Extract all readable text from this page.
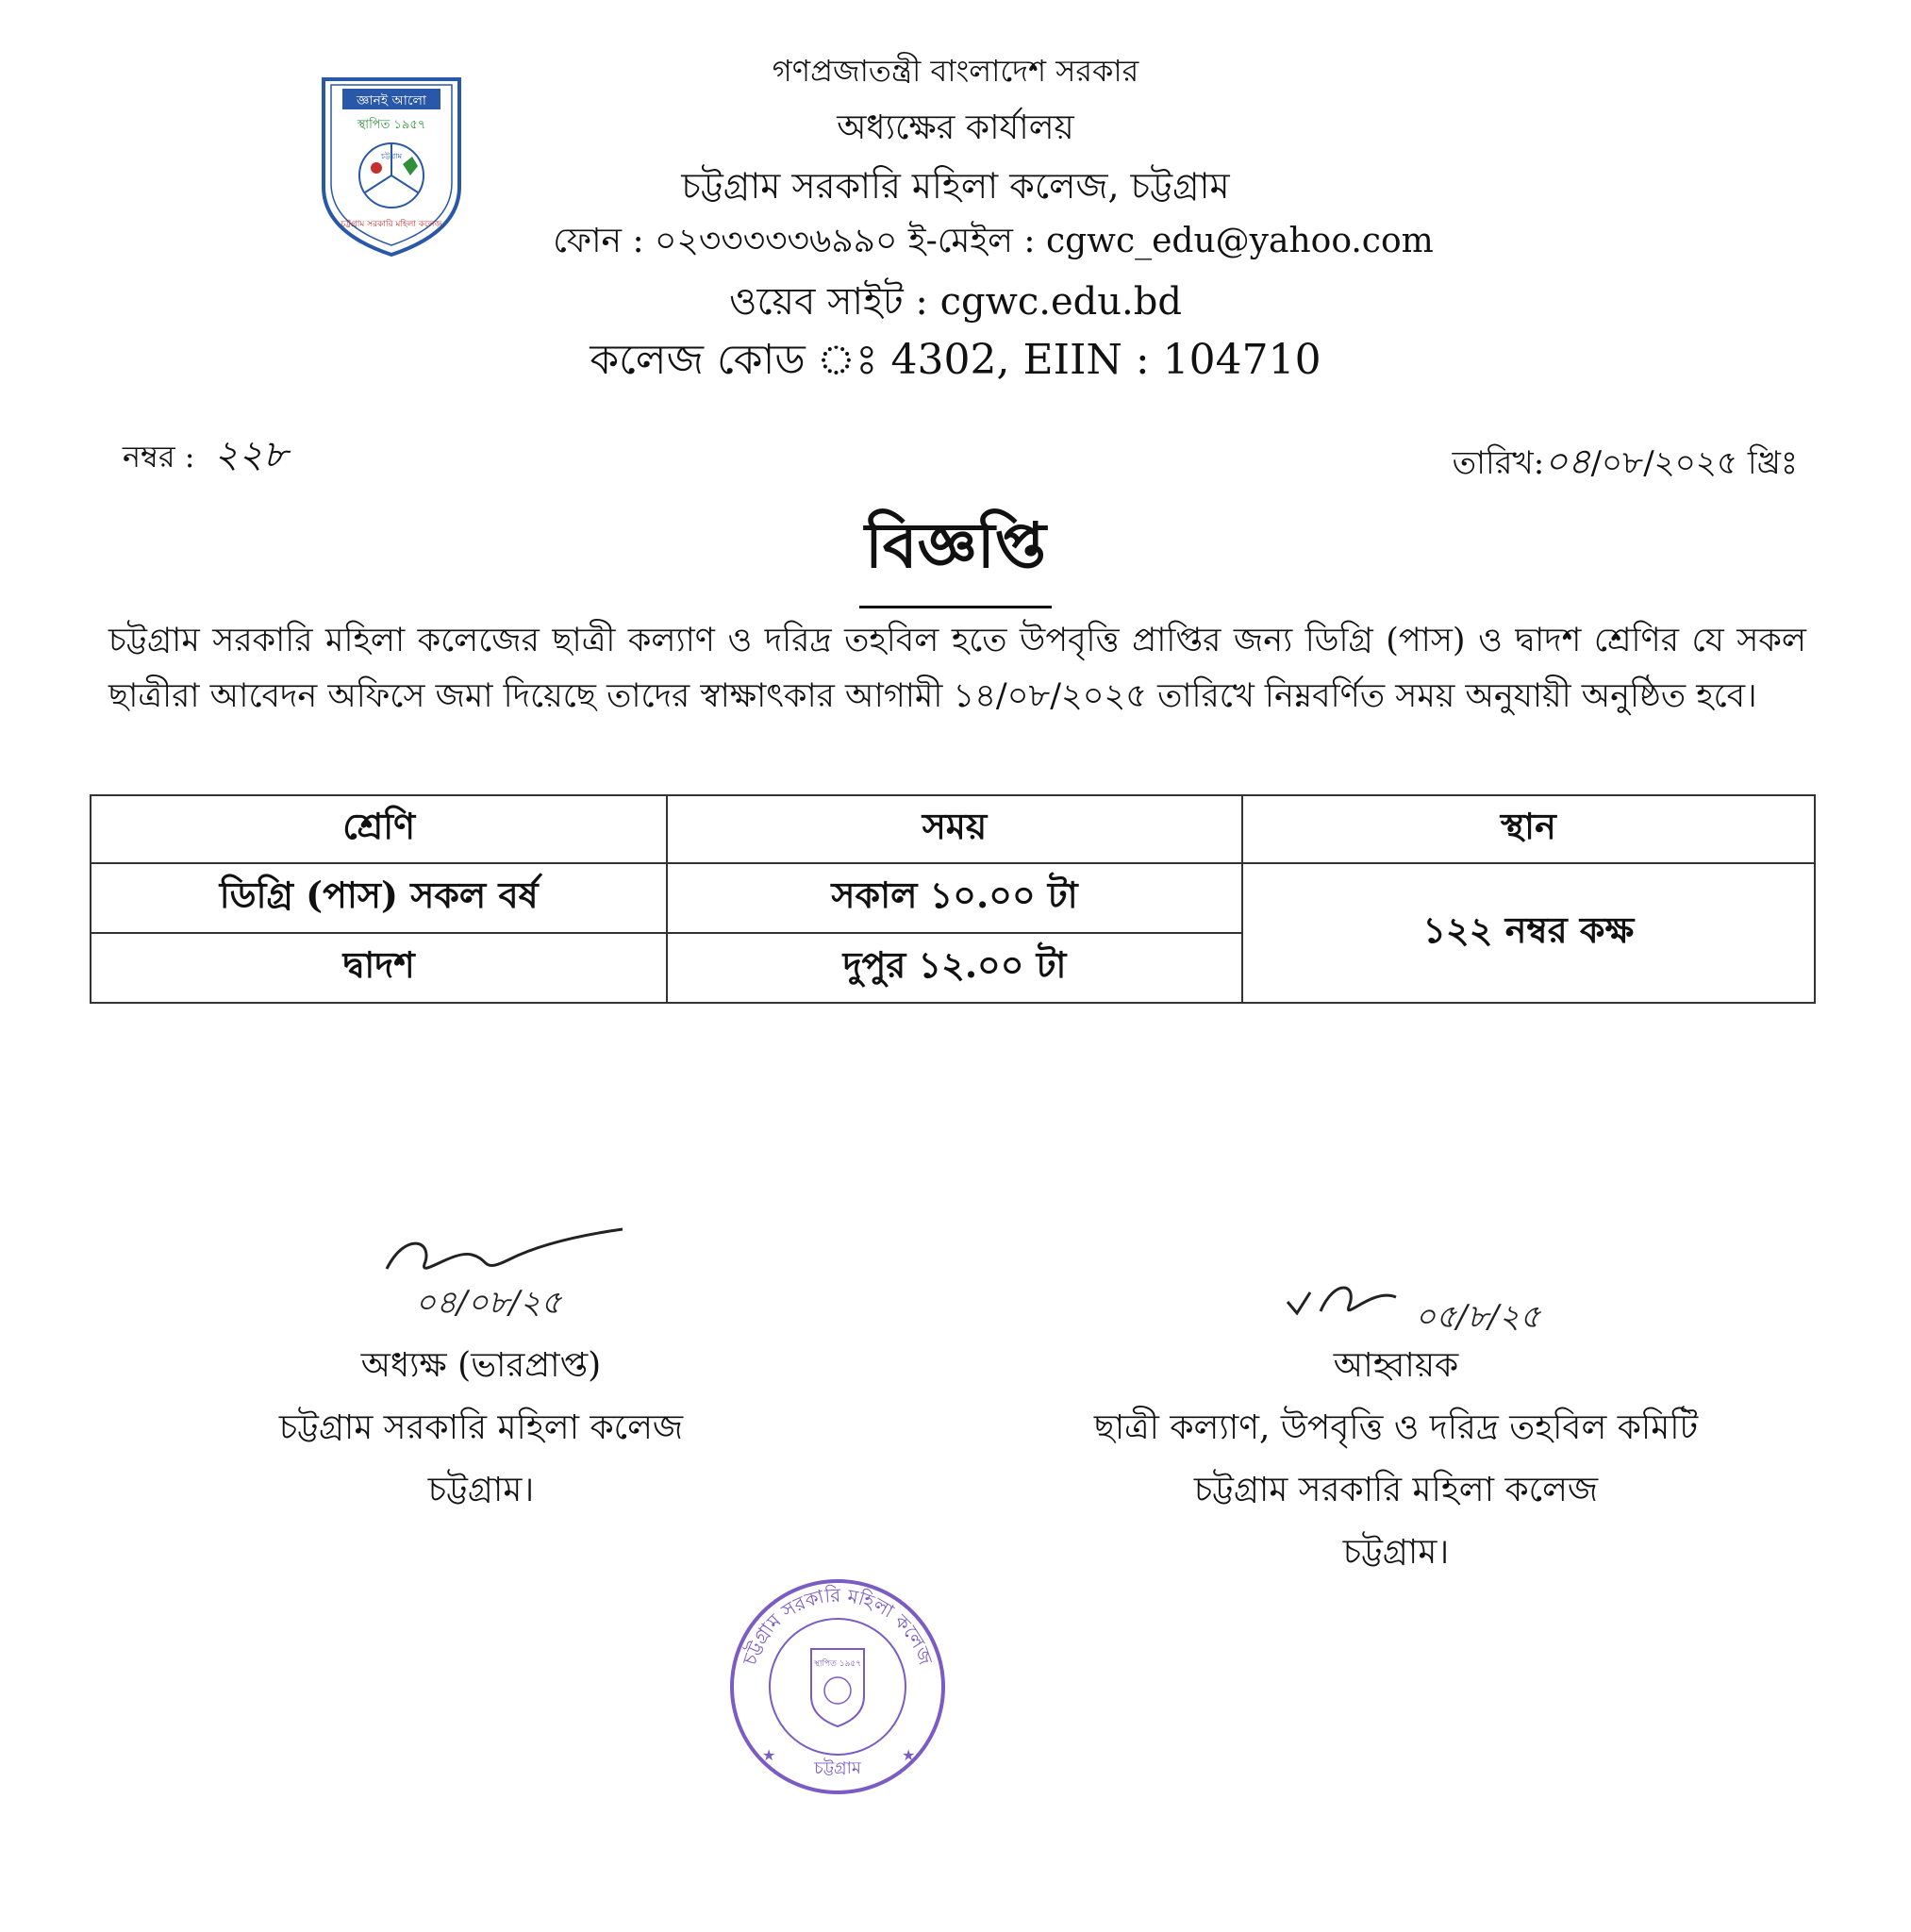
জ্ঞানই আলো
স্থাপিত ১৯৫৭
চট্টগ্রাম
চট্টগ্রাম সরকারি মহিলা কলেজ
গণপ্রজাতন্ত্রী বাংলাদেশ সরকার
অধ্যক্ষের কার্যালয়
চট্টগ্রাম সরকারি মহিলা কলেজ, চট্টগ্রাম
ফোন : ০২৩৩৩৩৩৬৯৯০ ই-মেইল : cgwc_edu@yahoo.com
ওয়েব সাইট : cgwc.edu.bd
কলেজ কোড ঃ 4302, EIIN : 104710
নম্বর : ২২৮	তারিখ:০৪/০৮/২০২৫ খ্রিঃ
বিজ্ঞপ্তি
চট্টগ্রাম সরকারি মহিলা কলেজের ছাত্রী কল্যাণ ও দরিদ্র তহবিল হতে উপবৃত্তি প্রাপ্তির জন্য ডিগ্রি (পাস) ও দ্বাদশ শ্রেণির যে সকল ছাত্রীরা আবেদন অফিসে জমা দিয়েছে তাদের স্বাক্ষাৎকার আগামী ১৪/০৮/২০২৫ তারিখে নিম্নবর্ণিত সময় অনুযায়ী অনুষ্ঠিত হবে।
শ্রেণি	সময়	স্থান
ডিগ্রি (পাস) সকল বর্ষ	সকাল ১০.০০ টা	১২২ নম্বর কক্ষ
দ্বাদশ	দুপুর ১২.০০ টা	
০৪/০৮/২৫
অধ্যক্ষ (ভারপ্রাপ্ত)
চট্টগ্রাম সরকারি মহিলা কলেজ
চট্টগ্রাম।
০৫/৮/২৫
আহ্বায়ক
ছাত্রী কল্যাণ, উপবৃত্তি ও দরিদ্র তহবিল কমিটি
চট্টগ্রাম সরকারি মহিলা কলেজ
চট্টগ্রাম।
চট্টগ্রাম সরকারি মহিলা কলেজ
স্থাপিত ১৯৫৭
চট্টগ্রাম
★	★
